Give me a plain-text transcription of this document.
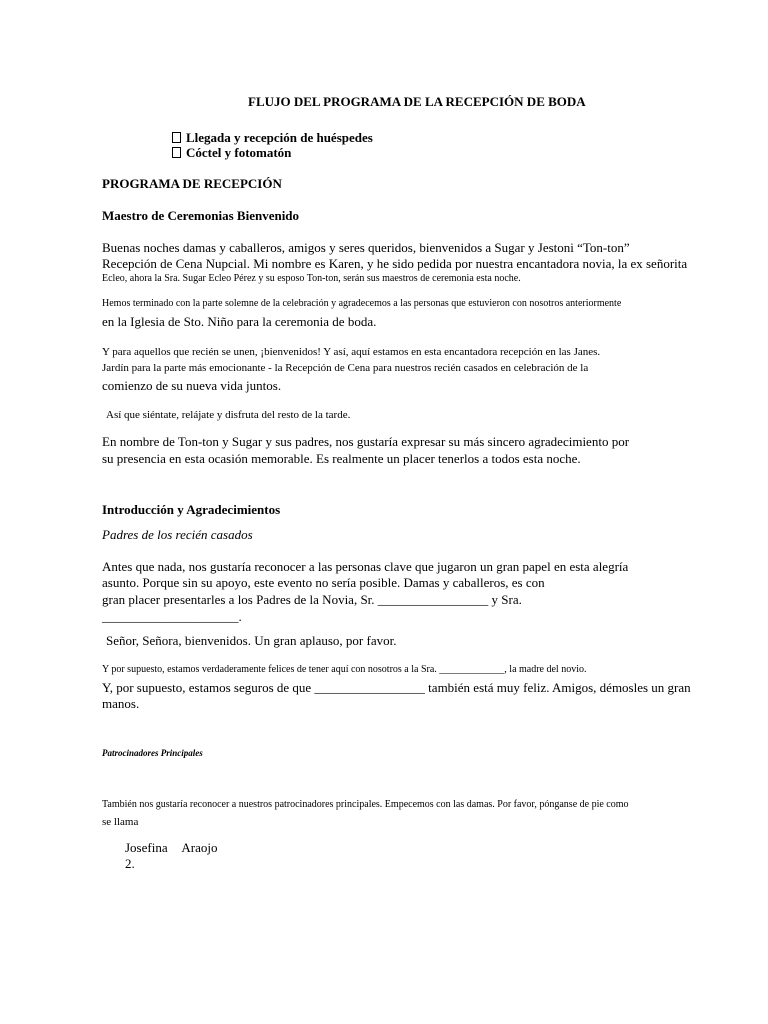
FLUJO DEL PROGRAMA DE LA RECEPCIÓN DE BODA
Llegada y recepción de huéspedes
Cóctel y fotomatón
PROGRAMA DE RECEPCIÓN
Maestro de Ceremonias Bienvenido
Buenas noches damas y caballeros, amigos y seres queridos, bienvenidos a Sugar y Jestoni “Ton-ton”
Recepción de Cena Nupcial. Mi nombre es Karen, y he sido pedida por nuestra encantadora novia, la ex señorita
Ecleo, ahora la Sra. Sugar Ecleo Pérez y su esposo Ton-ton, serán sus maestros de ceremonia esta noche.
Hemos terminado con la parte solemne de la celebración y agradecemos a las personas que estuvieron con nosotros anteriormente
en la Iglesia de Sto. Niño para la ceremonia de boda.
Y para aquellos que recién se unen, ¡bienvenidos! Y así, aquí estamos en esta encantadora recepción en las Janes.
Jardín para la parte más emocionante - la Recepción de Cena para nuestros recién casados en celebración de la
comienzo de su nueva vida juntos.
Así que siéntate, relájate y disfruta del resto de la tarde.
En nombre de Ton-ton y Sugar y sus padres, nos gustaría expresar su más sincero agradecimiento por
su presencia en esta ocasión memorable. Es realmente un placer tenerlos a todos esta noche.
Introducción y Agradecimientos
Padres de los recién casados
Antes que nada, nos gustaría reconocer a las personas clave que jugaron un gran papel en esta alegría
asunto. Porque sin su apoyo, este evento no sería posible. Damas y caballeros, es con
gran placer presentarles a los Padres de la Novia, Sr. _________________ y Sra.
_____________________.
Señor, Señora, bienvenidos. Un gran aplauso, por favor.
Y por supuesto, estamos verdaderamente felices de tener aquí con nosotros a la Sra. _____________, la madre del novio.
Y, por supuesto, estamos seguros de que _________________ también está muy feliz. Amigos, démosles un gran
manos.
Patrocinadores Principales
También nos gustaría reconocer a nuestros patrocinadores principales. Empecemos con las damas. Por favor, pónganse de pie como
se llama
Josefina Araojo
2.
